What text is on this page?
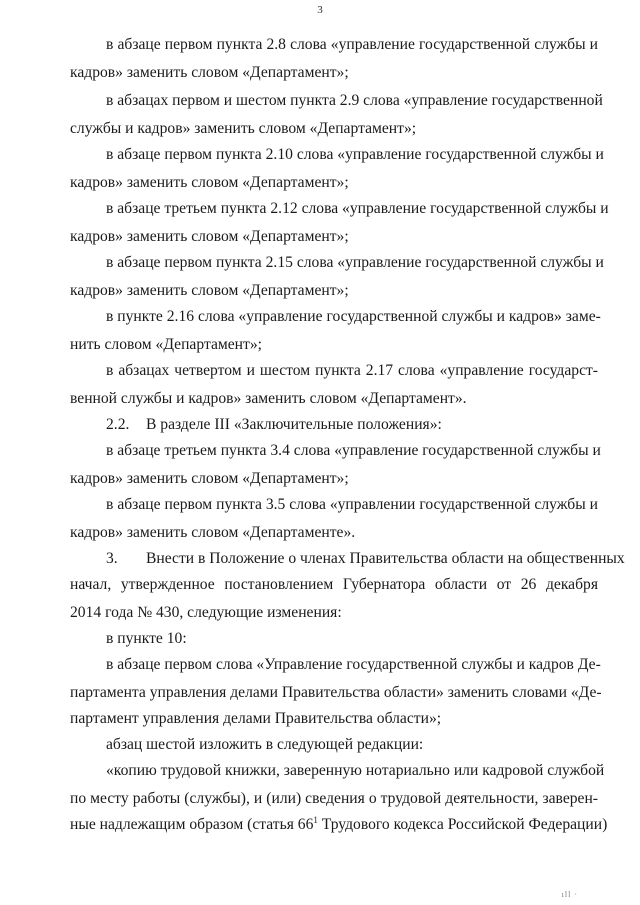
3
в абзаце первом пункта 2.8 слова «управление государственной службы и
кадров» заменить словом «Департамент»;
в абзацах первом и шестом пункта 2.9 слова «управление государственной
службы и кадров» заменить словом «Департамент»;
в абзаце первом пункта 2.10 слова «управление государственной службы и
кадров» заменить словом «Департамент»;
в абзаце третьем пункта 2.12 слова «управление государственной службы и
кадров» заменить словом «Департамент»;
в абзаце первом пункта 2.15 слова «управление государственной службы и
кадров» заменить словом «Департамент»;
в пункте 2.16 слова «управление государственной службы и кадров» заме-
нить словом «Департамент»;
в абзацах четвертом и шестом пункта 2.17 слова «управление государст-
венной службы и кадров» заменить словом «Департамент».
2.2. В разделе III «Заключительные положения»:
в абзаце третьем пункта 3.4 слова «управление государственной службы и
кадров» заменить словом «Департамент»;
в абзаце первом пункта 3.5 слова «управлении государственной службы и
кадров» заменить словом «Департаменте».
3. Внести в Положение о членах Правительства области на общественных
начал, утвержденное постановлением Губернатора области от 26 декабря
2014 года № 430, следующие изменения:
в пункте 10:
в абзаце первом слова «Управление государственной службы и кадров Де-
партамента управления делами Правительства области» заменить словами «Де-
партамент управления делами Правительства области»;
абзац шестой изложить в следующей редакции:
«копию трудовой книжки, заверенную нотариально или кадровой службой
по месту работы (службы), и (или) сведения о трудовой деятельности, заверен-
ные надлежащим образом (статья $66^1$ Трудового кодекса Российской Федерации)
ıll ·
